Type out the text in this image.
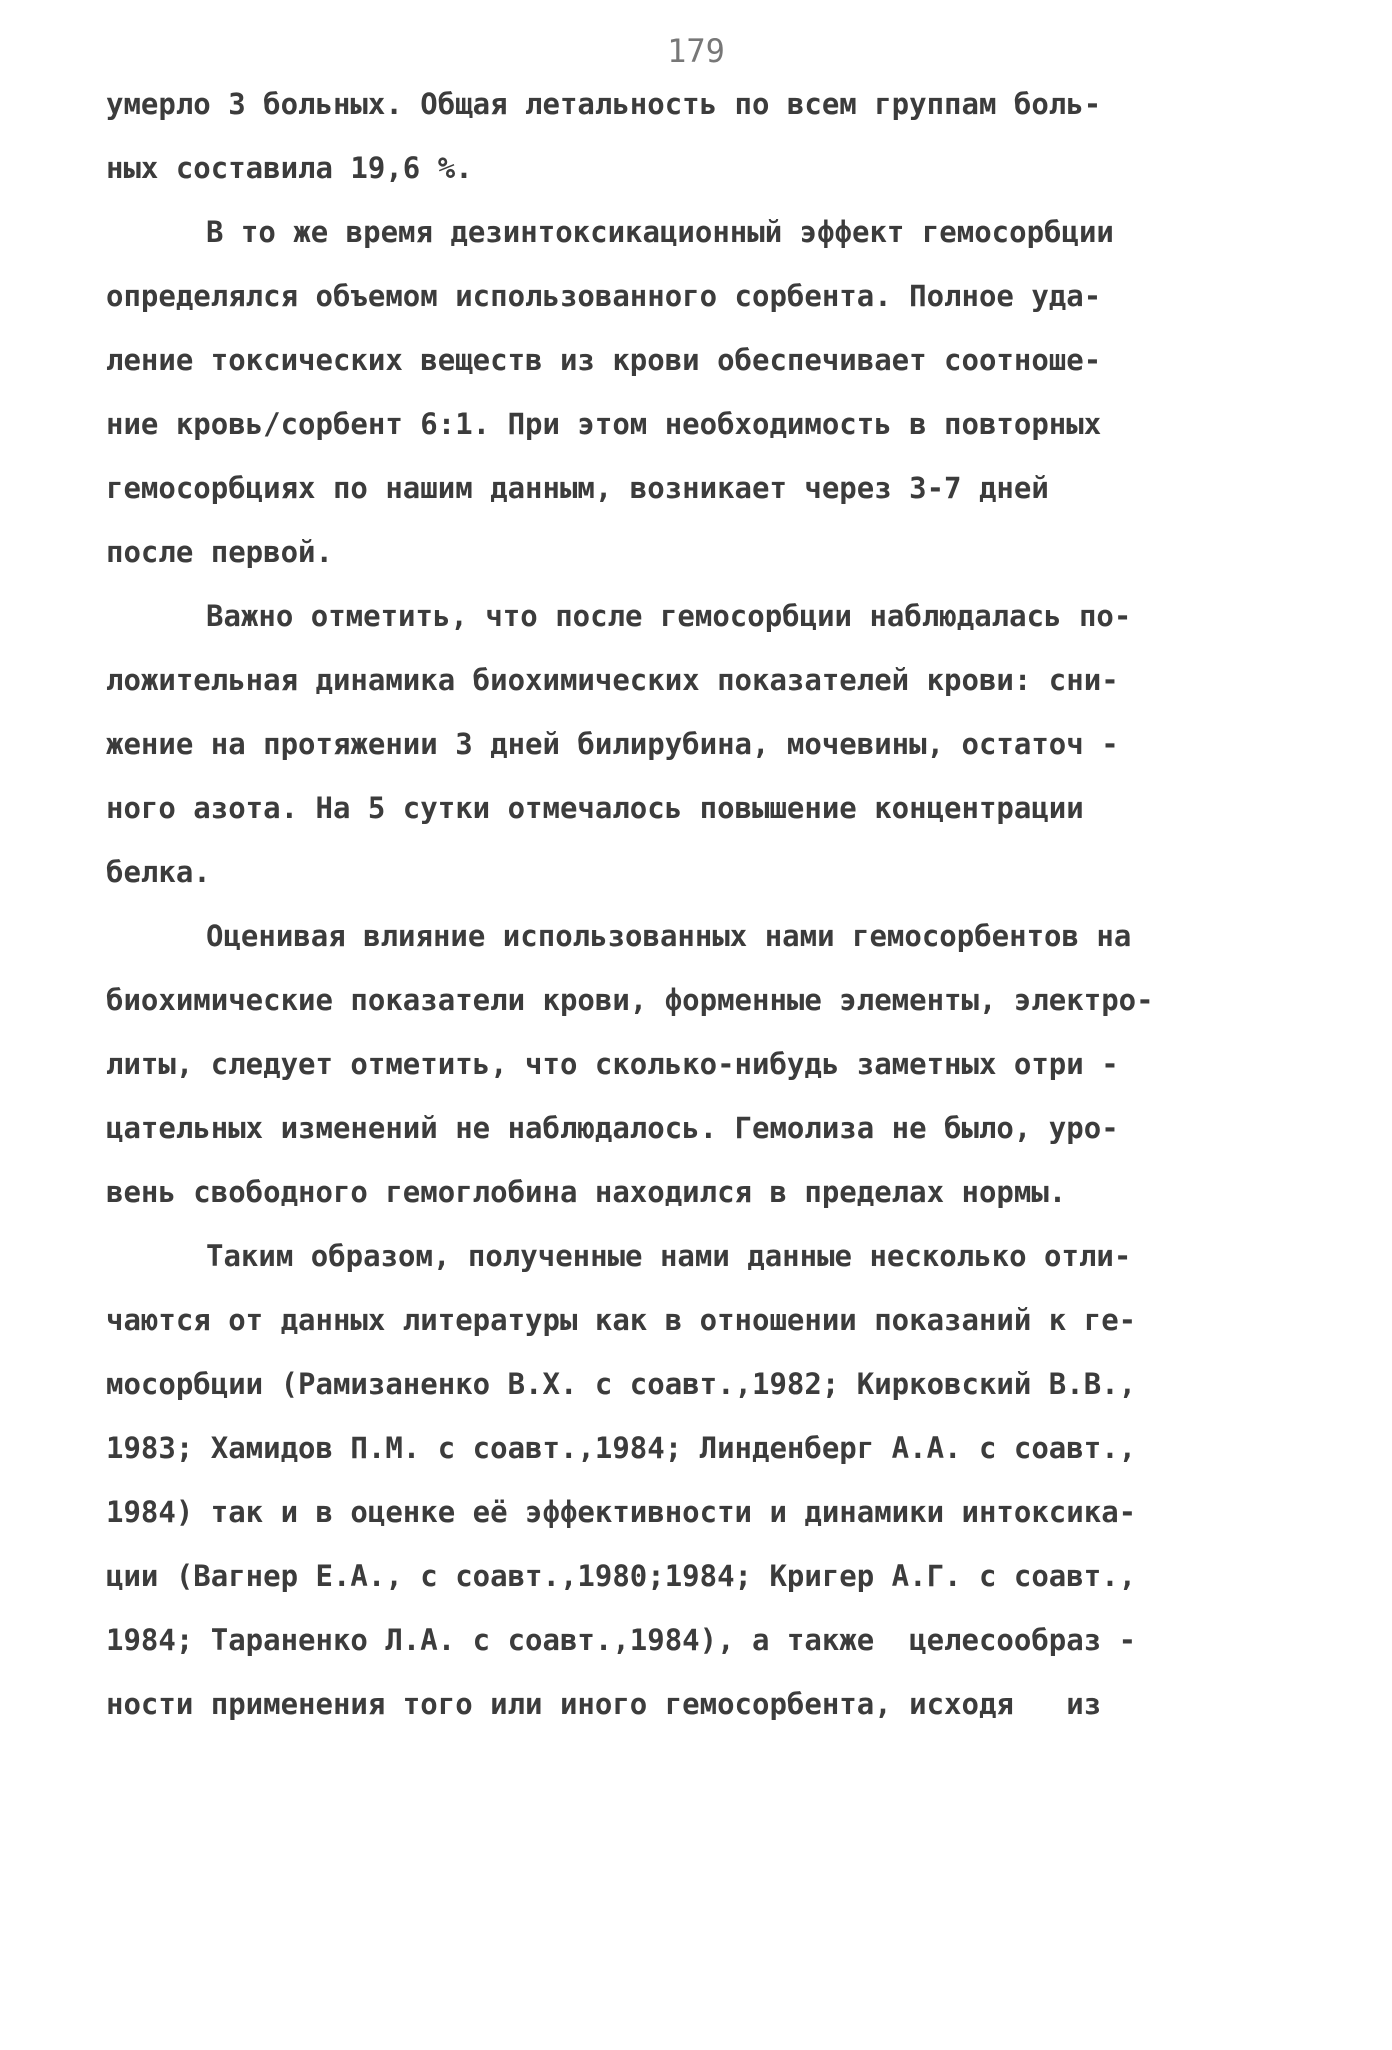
179
умерло 3 больных. Общая летальность по всем группам боль-
ных составила 19,6 %.
В то же время дезинтоксикационный эффект гемосорбции
определялся объемом использованного сорбента. Полное уда-
ление токсических веществ из крови обеспечивает соотноше-
ние кровь/сорбент 6:1. При этом необходимость в повторных
гемосорбциях по нашим данным, возникает через 3-7 дней
после первой.
Важно отметить, что после гемосорбции наблюдалась по-
ложительная динамика биохимических показателей крови: сни-
жение на протяжении 3 дней билирубина, мочевины, остаточ -
ного азота. На 5 сутки отмечалось повышение концентрации
белка.
Оценивая влияние использованных нами гемосорбентов на
биохимические показатели крови, форменные элементы, электро-
литы, следует отметить, что сколько-нибудь заметных отри -
цательных изменений не наблюдалось. Гемолиза не было, уро-
вень свободного гемоглобина находился в пределах нормы.
Таким образом, полученные нами данные несколько отли-
чаются от данных литературы как в отношении показаний к ге-
мосорбции (Рамизаненко В.Х. с соавт.,1982; Кирковский В.В.,
1983; Хамидов П.М. с соавт.,1984; Линденберг А.А. с соавт.,
1984) так и в оценке её эффективности и динамики интоксика-
ции (Вагнер Е.А., с соавт.,1980;1984; Кригер А.Г. с соавт.,
1984; Тараненко Л.А. с соавт.,1984), а также  целесообраз -
ности применения того или иного гемосорбента, исходя   из
